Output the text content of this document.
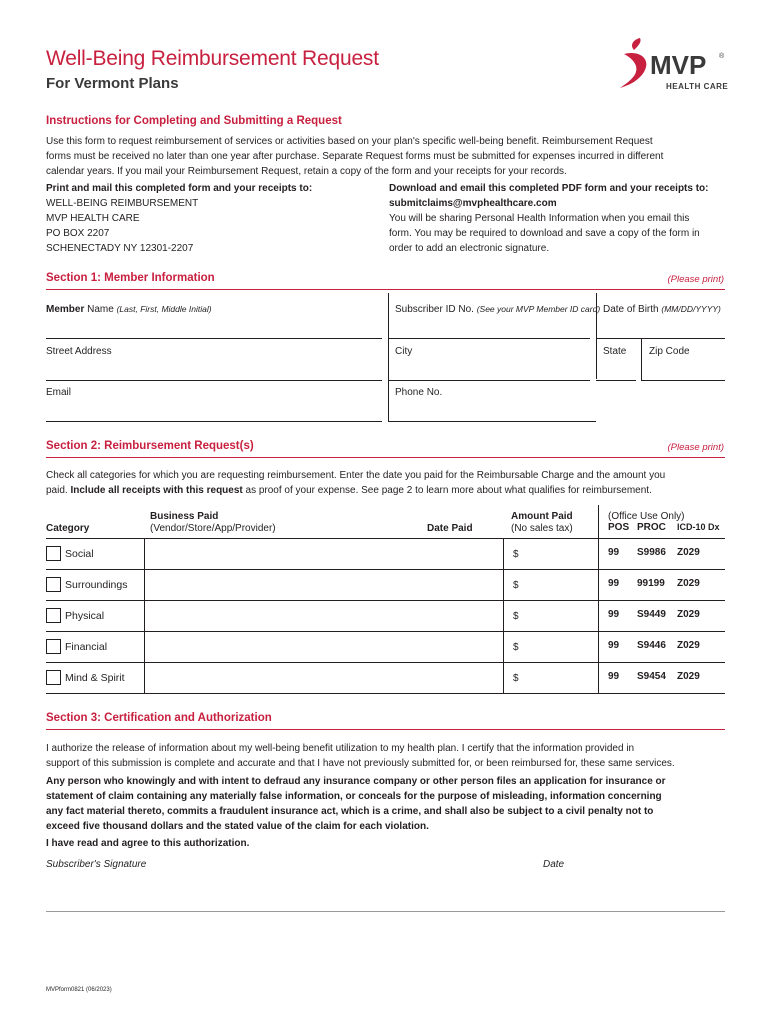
Well-Being Reimbursement Request
For Vermont Plans
MVP ®
HEALTH CARE
Instructions for Completing and Submitting a Request
Use this form to request reimbursement of services or activities based on your plan's specific well-being benefit. Reimbursement Request
forms must be received no later than one year after purchase. Separate Request forms must be submitted for expenses incurred in different
calendar years. If you mail your Reimbursement Request, retain a copy of the form and your receipts for your records.
Print and mail this completed form and your receipts to:
WELL-BEING REIMBURSEMENT
MVP HEALTH CARE
PO BOX 2207
SCHENECTADY NY 12301-2207
Download and email this completed PDF form and your receipts to:
submitclaims@mvphealthcare.com
You will be sharing Personal Health Information when you email this
form. You may be required to download and save a copy of the form in
order to add an electronic signature.
Section 1: Member Information	(Please print)
Member Name (Last, First, Middle Initial)	Subscriber ID No. (See your MVP Member ID card) Date of Birth (MM/DD/YYYY)
Street Address	City	State Zip Code
Email	Phone No.
Section 2: Reimbursement Request(s)	(Please print)
Check all categories for which you are requesting reimbursement. Enter the date you paid for the Reimbursable Charge and the amount you
paid. Include all receipts with this request as proof of your expense. See page 2 to learn more about what qualifies for reimbursement.
Category
Business Paid
(Vendor/Store/App/Provider)	Date Paid
Amount Paid
(No sales tax)
(Office Use Only)
POS PROC ICD-10 Dx
Social	$	99 S9986 Z029
Surroundings	$	99 99199 Z029
Physical	$	99 S9449 Z029
Financial	$	99 S9446 Z029
Mind & Spirit	$	99 S9454 Z029
Section 3: Certification and Authorization
I authorize the release of information about my well-being benefit utilization to my health plan. I certify that the information provided in
support of this submission is complete and accurate and that I have not previously submitted for, or been reimbursed for, these same services.
Any person who knowingly and with intent to defraud any insurance company or other person files an application for insurance or
statement of claim containing any materially false information, or conceals for the purpose of misleading, information concerning
any fact material thereto, commits a fraudulent insurance act, which is a crime, and shall also be subject to a civil penalty not to
exceed five thousand dollars and the stated value of the claim for each violation.
I have read and agree to this authorization.
Subscriber's Signature	Date
MVPform0821 (06/2023)
